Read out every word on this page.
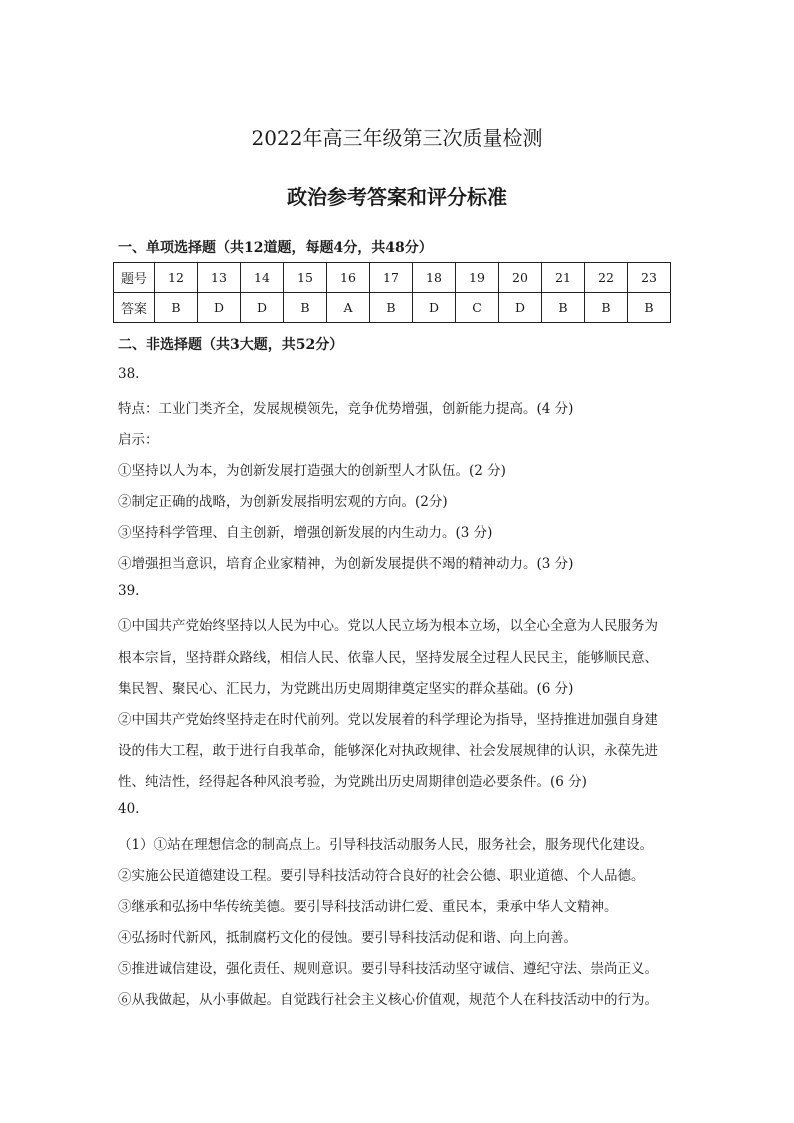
2022年高三年级第三次质量检测
政治参考答案和评分标准
一、单项选择题（共12道题，每题4分，共48分）
题号	12	13	14	15	16	17	18	19	20	21	22	23
答案	B	D	D	B	A	B	D	C	D	B	B	B
二、非选择题（共3大题，共52分）
38.
特点：工业门类齐全，发展规模领先，竞争优势增强，创新能力提高。(4 分)
启示：
①坚持以人为本，为创新发展打造强大的创新型人才队伍。(2 分)
②制定正确的战略，为创新发展指明宏观的方向。(2分)
③坚持科学管理、自主创新，增强创新发展的内生动力。(3 分)
④增强担当意识，培育企业家精神，为创新发展提供不竭的精神动力。(3 分)
39.
①中国共产党始终坚持以人民为中心。党以人民立场为根本立场，以全心全意为人民服务为
根本宗旨，坚持群众路线，相信人民、依靠人民，坚持发展全过程人民民主，能够顺民意、
集民智、聚民心、汇民力，为党跳出历史周期律奠定坚实的群众基础。(6 分)
②中国共产党始终坚持走在时代前列。党以发展着的科学理论为指导，坚持推进加强自身建
设的伟大工程，敢于进行自我革命，能够深化对执政规律、社会发展规律的认识，永葆先进
性、纯洁性，经得起各种风浪考验，为党跳出历史周期律创造必要条件。(6 分)
40.
（1）①站在理想信念的制高点上。引导科技活动服务人民，服务社会，服务现代化建设。
②实施公民道德建设工程。要引导科技活动符合良好的社会公德、职业道德、个人品德。
③继承和弘扬中华传统美德。要引导科技活动讲仁爱、重民本，秉承中华人文精神。
④弘扬时代新风，抵制腐朽文化的侵蚀。要引导科技活动促和谐、向上向善。
⑤推进诚信建设，强化责任、规则意识。要引导科技活动坚守诚信、遵纪守法、崇尚正义。
⑥从我做起，从小事做起。自觉践行社会主义核心价值观，规范个人在科技活动中的行为。
